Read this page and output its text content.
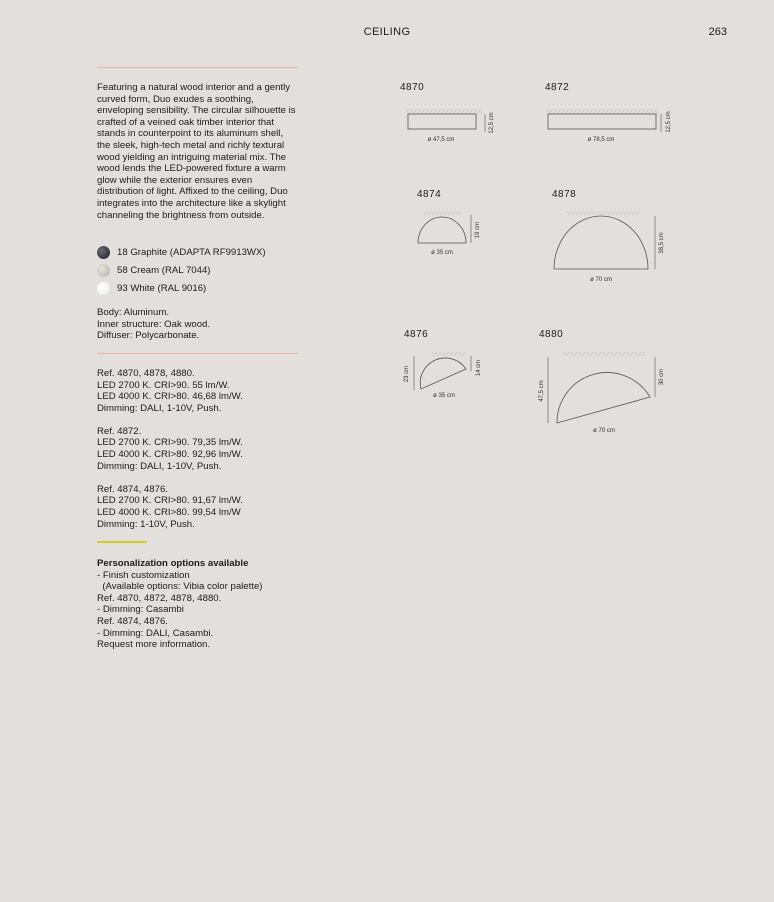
CEILING	263
Featuring a natural wood interior and a gently curved form, Duo exudes a soothing, enveloping sensibility. The circular silhouette is crafted of a veined oak timber interior that stands in counterpoint to its aluminum shell, the sleek, high-tech metal and richly textural wood yielding an intriguing material mix. The wood lends the LED-powered fixture a warm glow while the exterior ensures even distribution of light. Affixed to the ceiling, Duo integrates into the architecture like a skylight channeling the brightness from outside.
18 Graphite (ADAPTA RF9913WX)
58 Cream (RAL 7044)
93 White (RAL 9016)
Body: Aluminum.
Inner structure: Oak wood.
Diffuser: Polycarbonate.
Ref. 4870, 4878, 4880.
LED 2700 K. CRI>90. 55 lm/W.
LED 4000 K. CRI>80. 46,68 lm/W.
Dimming: DALI, 1-10V, Push.
Ref. 4872.
LED 2700 K. CRI>90. 79,35 lm/W.
LED 4000 K. CRI>80. 92,96 lm/W.
Dimming: DALI, 1-10V, Push.
Ref. 4874, 4876.
LED 2700 K. CRI>80. 91,67 lm/W.
LED 4000 K. CRI>80. 99,54 lm/W
Dimming: 1-10V, Push.
Personalization options available
- Finish customization
(Available options: Vibia color palette)
Ref. 4870, 4872, 4878, 4880.
- Dimming: Casambi
Ref. 4874, 4876.
- Dimming: DALI, Casambi.
Request more information.
4870	4872
4874	4878
4876	4880
ø 47,5 cm
12,5 cm
ø 78,5 cm
12,5 cm
ø 35 cm
19 cm
ø 70 cm
38,5 cm
ø 35 cm
23 cm	14 cm
ø 70 cm
47,5 cm
30 cm
